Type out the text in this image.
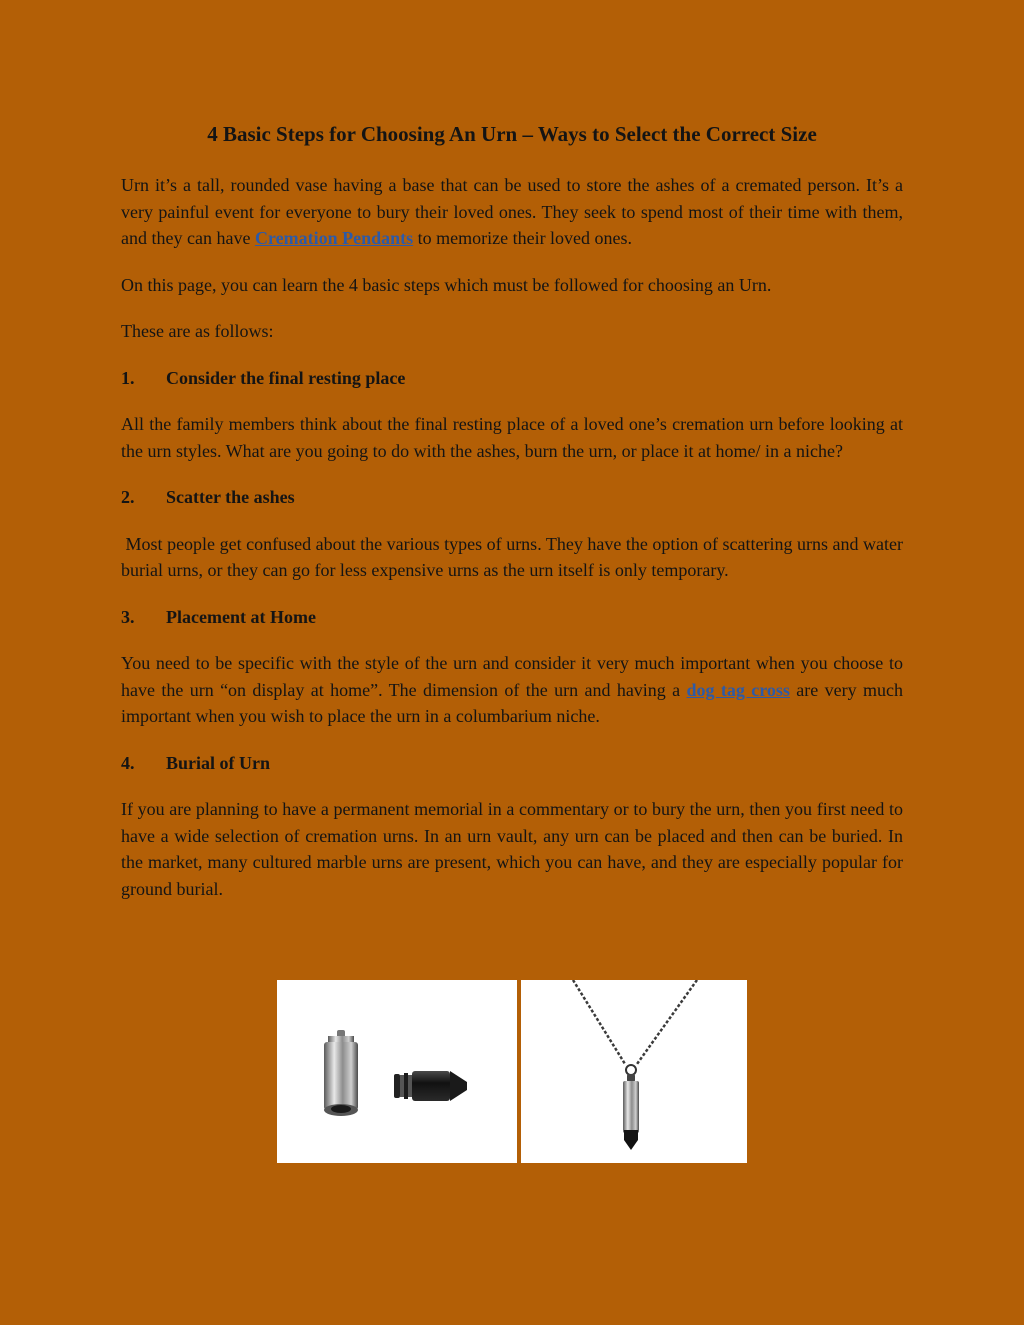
4 Basic Steps for Choosing An Urn – Ways to Select the Correct Size

Urn it’s a tall, rounded vase having a base that can be used to store the ashes of a cremated person. It’s a very painful event for everyone to bury their loved ones. They seek to spend most of their time with them, and they can have Cremation Pendants to memorize their loved ones.

On this page, you can learn the 4 basic steps which must be followed for choosing an Urn.

These are as follows:

1.	Consider the final resting place

All the family members think about the final resting place of a loved one’s cremation urn before looking at the urn styles. What are you going to do with the ashes, burn the urn, or place it at home/ in a niche?

2.	Scatter the ashes

Most people get confused about the various types of urns. They have the option of scattering urns and water burial urns, or they can go for less expensive urns as the urn itself is only temporary.

3.	Placement at Home

You need to be specific with the style of the urn and consider it very much important when you choose to have the urn “on display at home”. The dimension of the urn and having a dog tag cross are very much important when you wish to place the urn in a columbarium niche.

4.	Burial of Urn

If you are planning to have a permanent memorial in a commentary or to bury the urn, then you first need to have a wide selection of cremation urns. In an urn vault, any urn can be placed and then can be buried. In the market, many cultured marble urns are present, which you can have, and they are especially popular for ground burial.
